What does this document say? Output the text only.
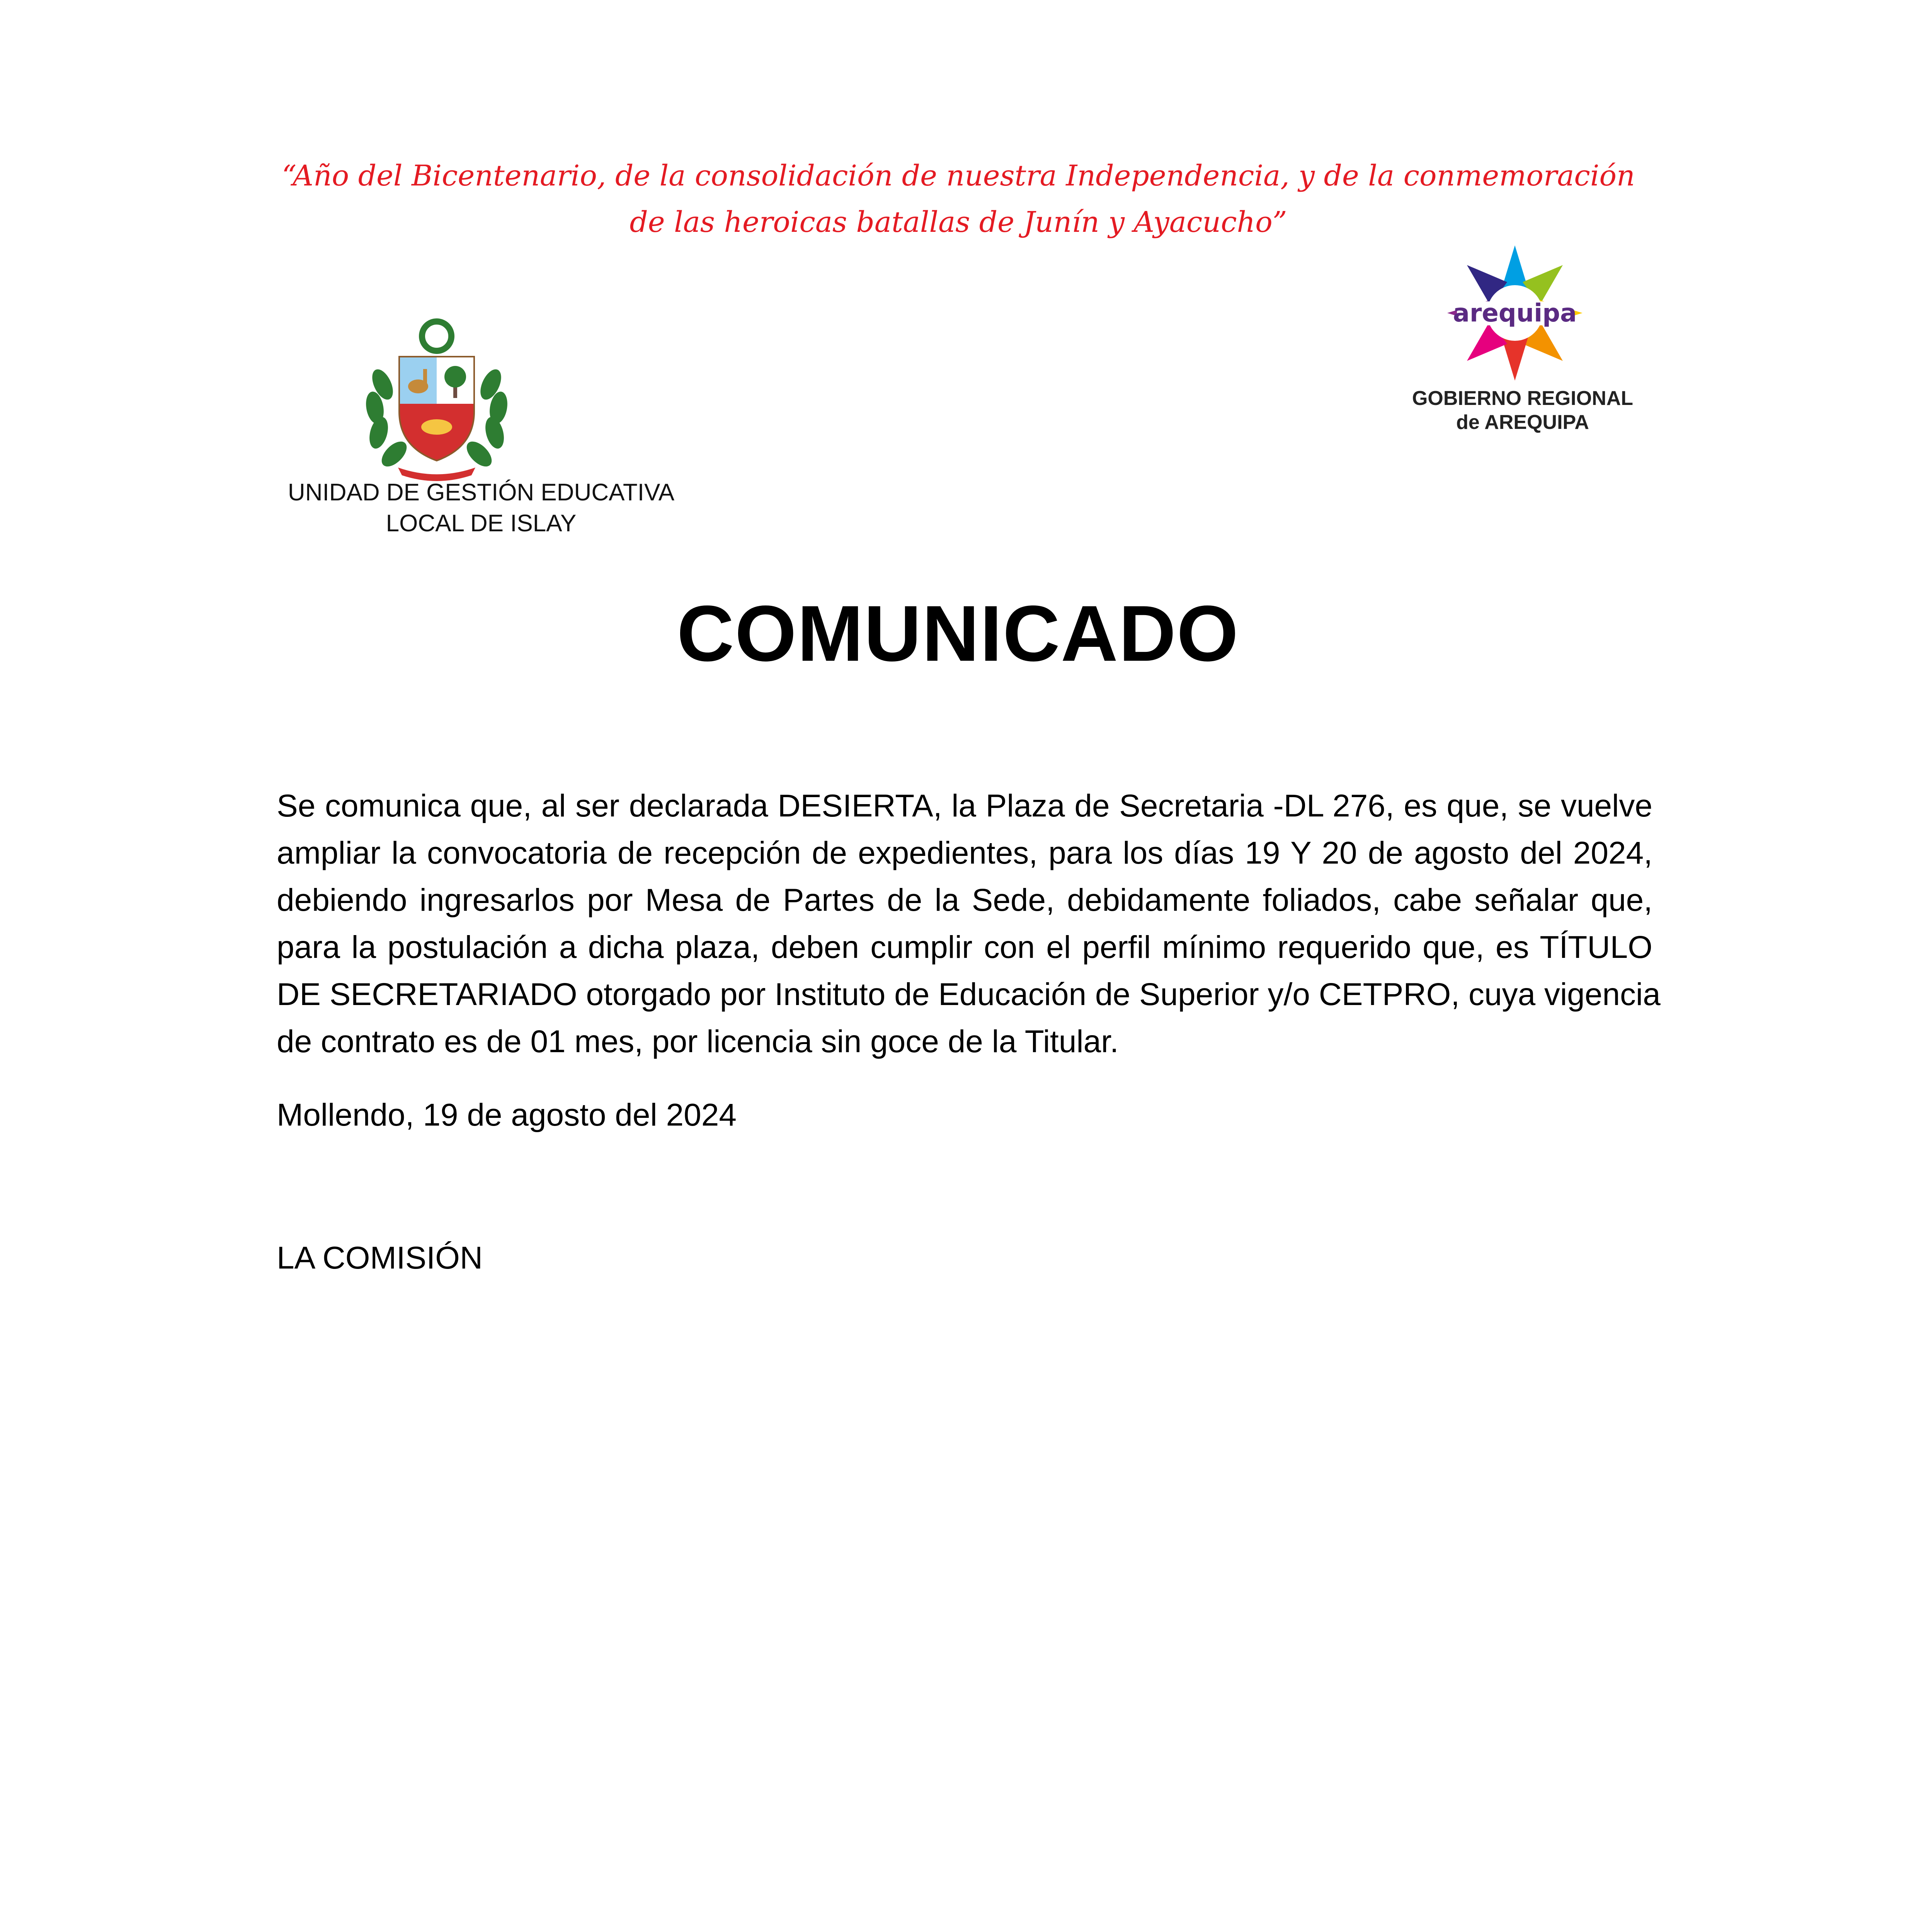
“Año del Bicentenario, de la consolidación de nuestra Independencia, y de la conmemoración
de las heroicas batallas de Junín y Ayacucho”
UNIDAD DE GESTIÓN EDUCATIVA
LOCAL DE ISLAY
arequipa
GOBIERNO REGIONAL
de AREQUIPA
COMUNICADO
Se comunica que, al ser declarada DESIERTA, la Plaza de Secretaria -DL 276, es que, se vuelve
ampliar la convocatoria de recepción de expedientes, para los días 19 Y 20 de agosto del 2024,
debiendo ingresarlos por Mesa de Partes de la Sede, debidamente foliados, cabe señalar que,
para la postulación a dicha plaza, deben cumplir con el perfil mínimo requerido que, es TÍTULO
DE SECRETARIADO otorgado por Instituto de Educación de Superior y/o CETPRO, cuya vigencia
de contrato es de 01 mes, por licencia sin goce de la Titular.
Mollendo, 19 de agosto del 2024
LA COMISIÓN
